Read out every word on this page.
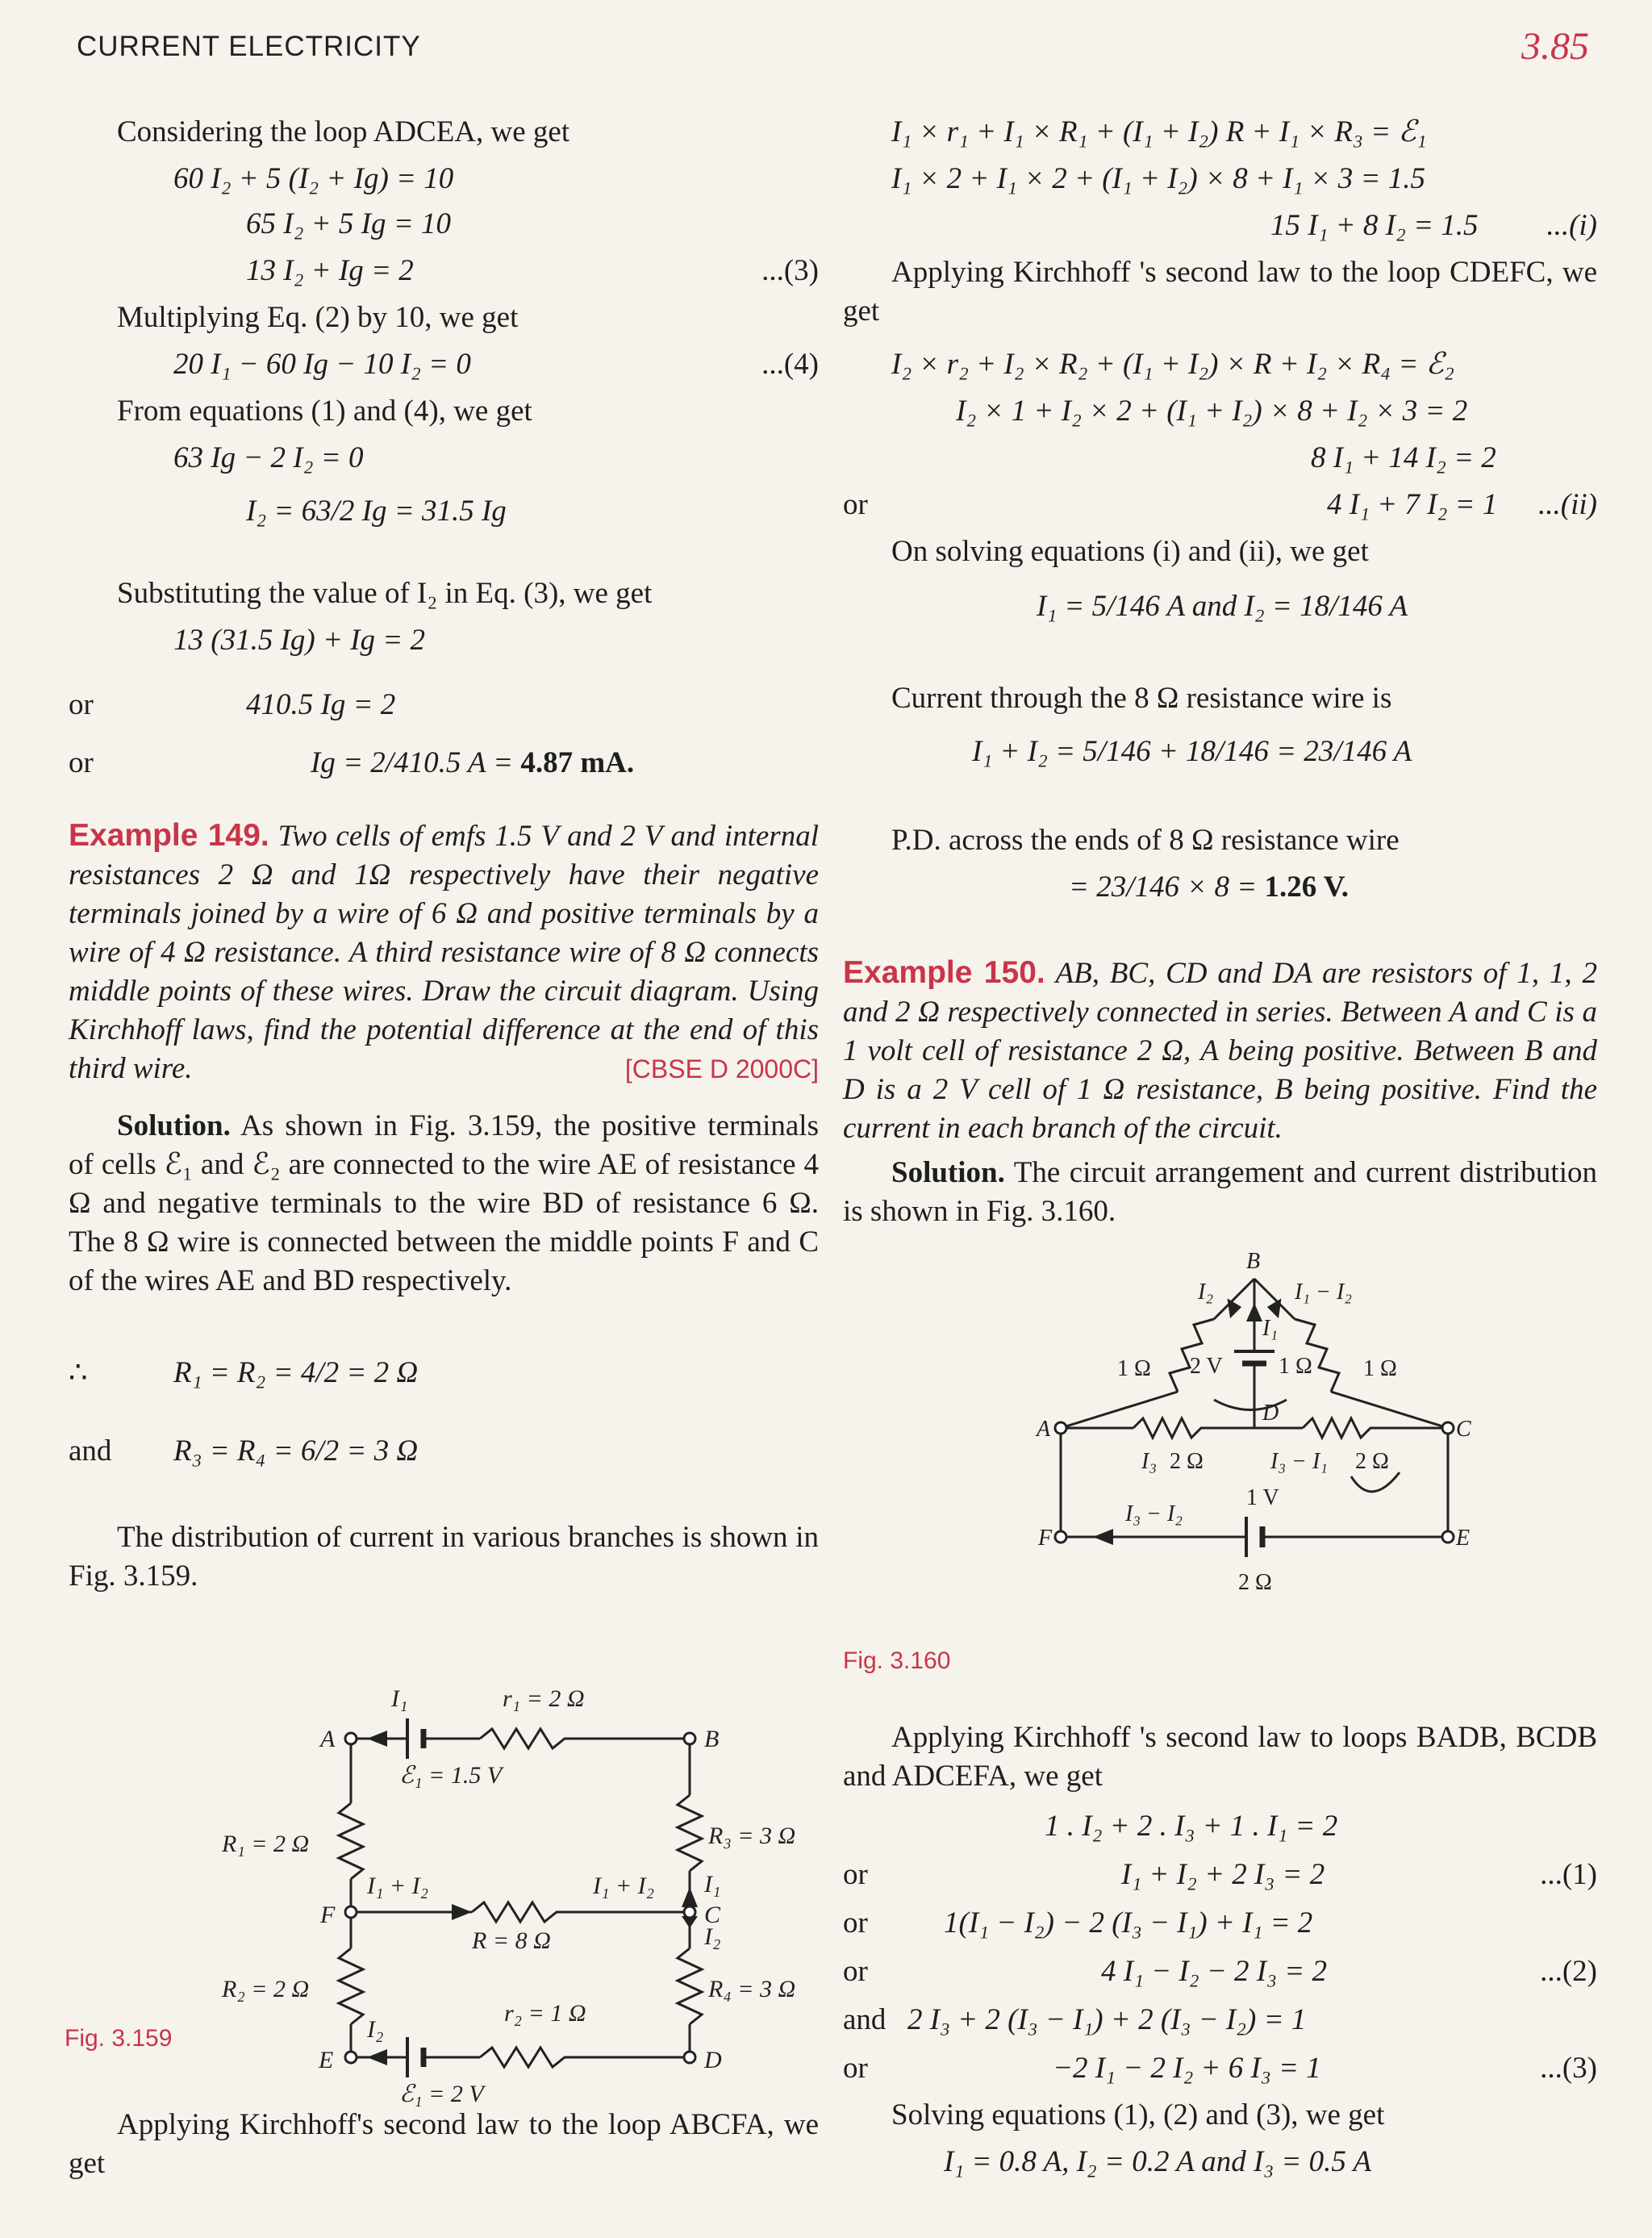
CURRENT ELECTRICITY	3.85
Considering the loop ADCEA, we get
60 I₂ + 5 (I₂ + Ig) = 10
65 I₂ + 5 Ig = 10
13 I₂ + Ig = 2	...(3)
Multiplying Eq. (2) by 10, we get
20 I₁ − 60 Ig − 10 I₂ = 0	...(4)
From equations (1) and (4), we get
63 Ig − 2 I₂ = 0
I₂ = 63/2 Ig = 31.5 Ig
Substituting the value of I₂ in Eq. (3), we get
13 (31.5 Ig) + Ig = 2
or	410.5 Ig = 2
or	Ig = 2/410.5 A = 4.87 mA.
Example 149. Two cells of emfs 1.5 V and 2 V and internal resistances 2 Ω and 1Ω respectively have their negative terminals joined by a wire of 6 Ω and positive terminals by a wire of 4 Ω resistance. A third resistance wire of 8 Ω connects middle points of these wires. Draw the circuit diagram. Using Kirchhoff laws, find the potential difference at the end of this third wire.	[CBSE D 2000C]
Solution. As shown in Fig. 3.159, the positive terminals of cells ℰ₁ and ℰ₂ are connected to the wire AE of resistance 4 Ω and negative terminals to the wire BD of resistance 6 Ω. The 8 Ω wire is connected between the middle points F and C of the wires AE and BD respectively.
∴	R₁ = R₂ = 4/2 = 2 Ω
and R₃ = R₄ = 6/2 = 3 Ω
The distribution of current in various branches is shown in Fig. 3.159.
A	B
C
D
E
F
r₁ = 2 Ω
I₁
ℰ₁ = 1.5 V
R₁ = 2 Ω
R₂ = 2 Ω
R₃ = 3 Ω
R₄ = 3 Ω
I₁ + I₂	I₁ + I₂
R = 8 Ω
I₁
I₂
I₂
r₂ = 1 Ω
ℰ₁ = 2 V
Fig. 3.159
Applying Kirchhoff's second law to the loop ABCFA, we get
I₁ × r₁ + I₁ × R₁ + (I₁ + I₂) R + I₁ × R₃ = ℰ₁
I₁ × 2 + I₁ × 2 + (I₁ + I₂) × 8 + I₁ × 3 = 1.5
15 I₁ + 8 I₂ = 1.5 ...(i)
Applying Kirchhoff 's second law to the loop CDEFC, we get
I₂ × r₂ + I₂ × R₂ + (I₁ + I₂) × R + I₂ × R₄ = ℰ₂
I₂ × 1 + I₂ × 2 + (I₁ + I₂) × 8 + I₂ × 3 = 2
8 I₁ + 14 I₂ = 2
or	4 I₁ + 7 I₂ = 1 ...(ii)
On solving equations (i) and (ii), we get
I₁ = 5/146 A and I₂ = 18/146 A
Current through the 8 Ω resistance wire is
I₁ + I₂ = 5/146 + 18/146 = 23/146 A
P.D. across the ends of 8 Ω resistance wire
= 23/146 × 8 = 1.26 V.
Example 150. AB, BC, CD and DA are resistors of 1, 1, 2 and 2 Ω respectively connected in series. Between A and C is a 1 volt cell of resistance 2 Ω, A being positive. Between B and D is a 2 V cell of 1 Ω resistance, B being positive. Find the current in each branch of the circuit.
Solution. The circuit arrangement and current distribution is shown in Fig. 3.160.
B
A	C
D
E
F
I₂	I₁ − I₂
I₁
1 Ω	1 Ω
2 V 1 Ω
I₃ 2 Ω	I₃ − I₁ 2 Ω
I₃ − I₂
1 V
2 Ω
Fig. 3.160
Applying Kirchhoff 's second law to loops BADB, BCDB and ADCEFA, we get
1 . I₂ + 2 . I₃ + 1 . I₁ = 2
or	I₁ + I₂ + 2 I₃ = 2	...(1)
or	1(I₁ − I₂) − 2 (I₃ − I₁) + I₁ = 2
or	4 I₁ − I₂ − 2 I₃ = 2	...(2)
and 2 I₃ + 2 (I₃ − I₁) + 2 (I₃ − I₂) = 1
or	−2 I₁ − 2 I₂ + 6 I₃ = 1	...(3)
Solving equations (1), (2) and (3), we get
I₁ = 0.8 A, I₂ = 0.2 A and I₃ = 0.5 A
